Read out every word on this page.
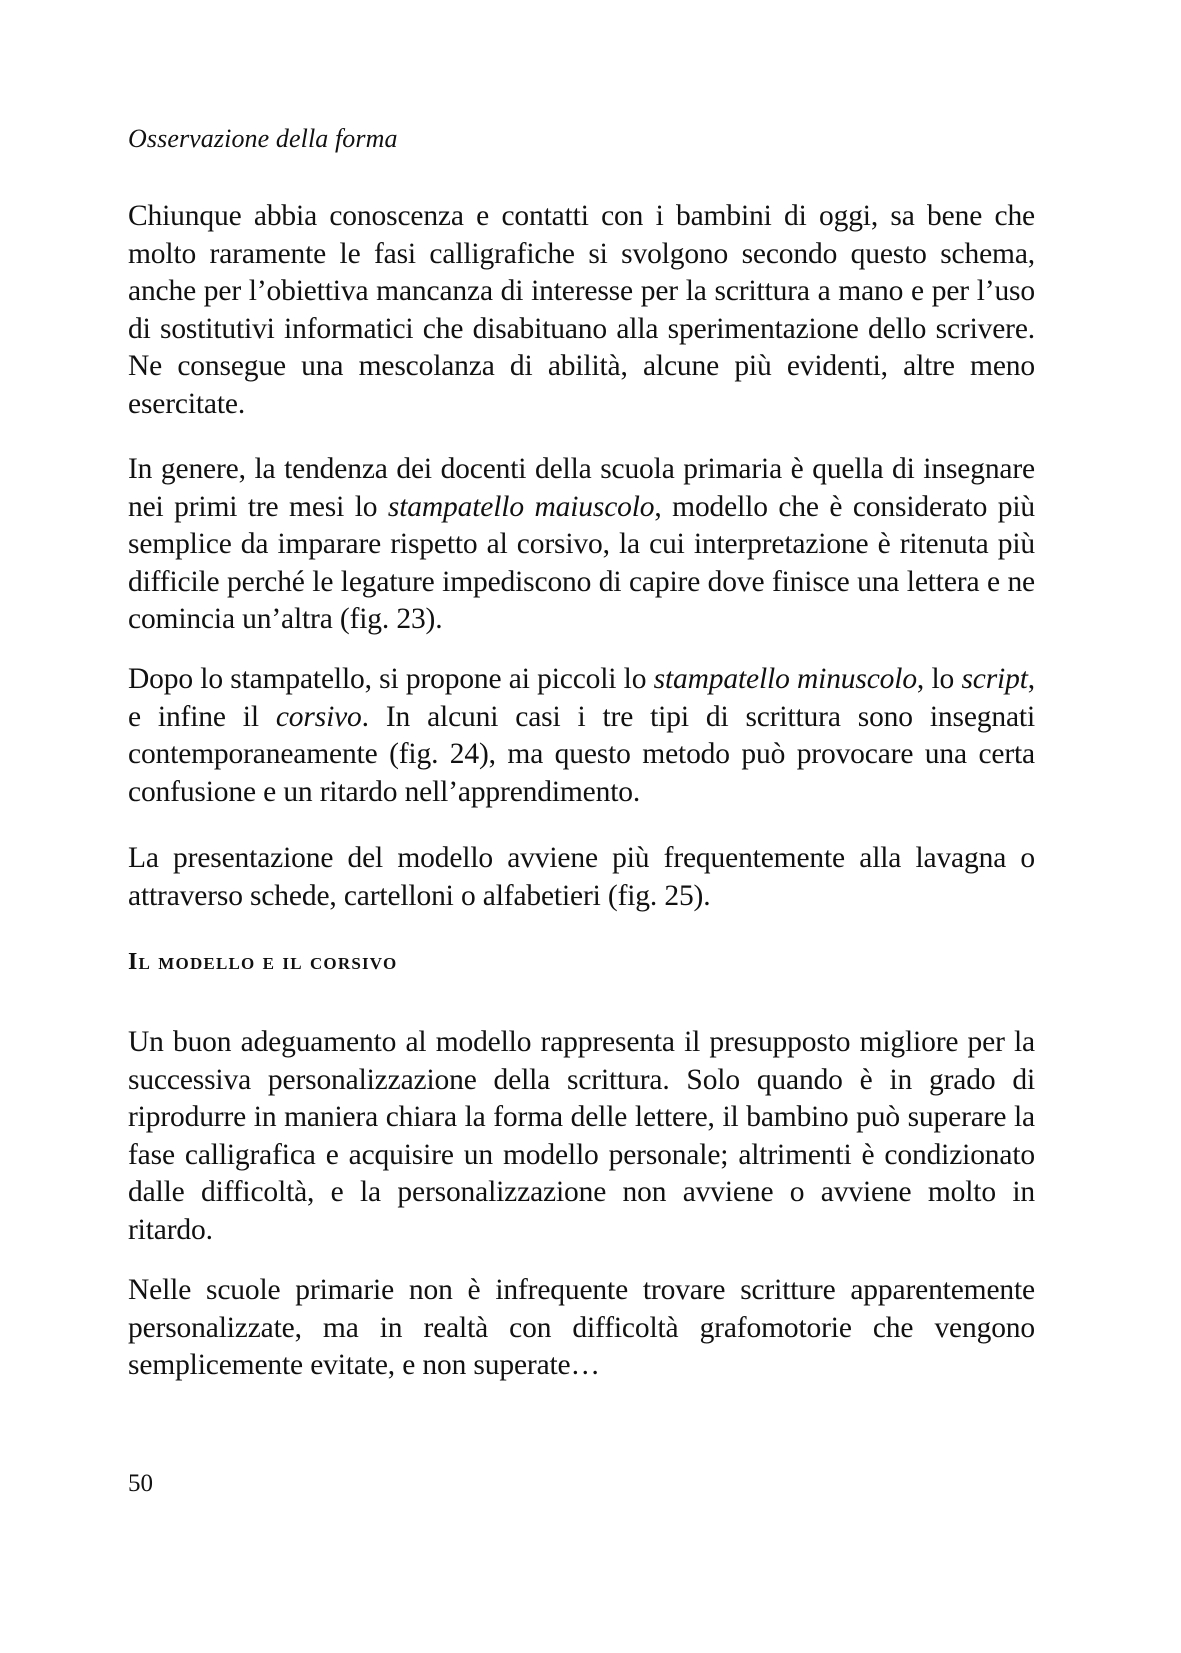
Osservazione della forma

Chiunque abbia conoscenza e contatti con i bambini di oggi, sa bene che molto raramente le fasi calligrafiche si svolgono secondo questo schema, anche per l’obiettiva mancanza di interesse per la scrittura a mano e per l’uso di sostitutivi informatici che disabituano alla sperimentazione dello scrivere. Ne consegue una mescolanza di abilità, alcune più evidenti, altre meno esercitate.

In genere, la tendenza dei docenti della scuola primaria è quella di insegnare nei primi tre mesi lo stampatello maiuscolo, modello che è considerato più semplice da imparare rispetto al corsivo, la cui interpretazione è ritenuta più difficile perché le legature impediscono di capire dove finisce una lettera e ne comincia un’altra (fig. 23).

Dopo lo stampatello, si propone ai piccoli lo stampatello minuscolo, lo script, e infine il corsivo. In alcuni casi i tre tipi di scrittura sono insegnati contemporaneamente (fig. 24), ma questo metodo può provocare una certa confusione e un ritardo nell’apprendimento.

La presentazione del modello avviene più frequentemente alla lavagna o attraverso schede, cartelloni o alfabetieri (fig. 25).

Il modello e il corsivo

Un buon adeguamento al modello rappresenta il presupposto migliore per la successiva personalizzazione della scrittura. Solo quando è in grado di riprodurre in maniera chiara la forma delle lettere, il bambino può superare la fase calligrafica e acquisire un modello personale; altrimenti è condizionato dalle difficoltà, e la personalizzazione non avviene o avviene molto in ritardo.

Nelle scuole primarie non è infrequente trovare scritture apparentemente personalizzate, ma in realtà con difficoltà grafomotorie che vengono semplicemente evitate, e non superate…

50
